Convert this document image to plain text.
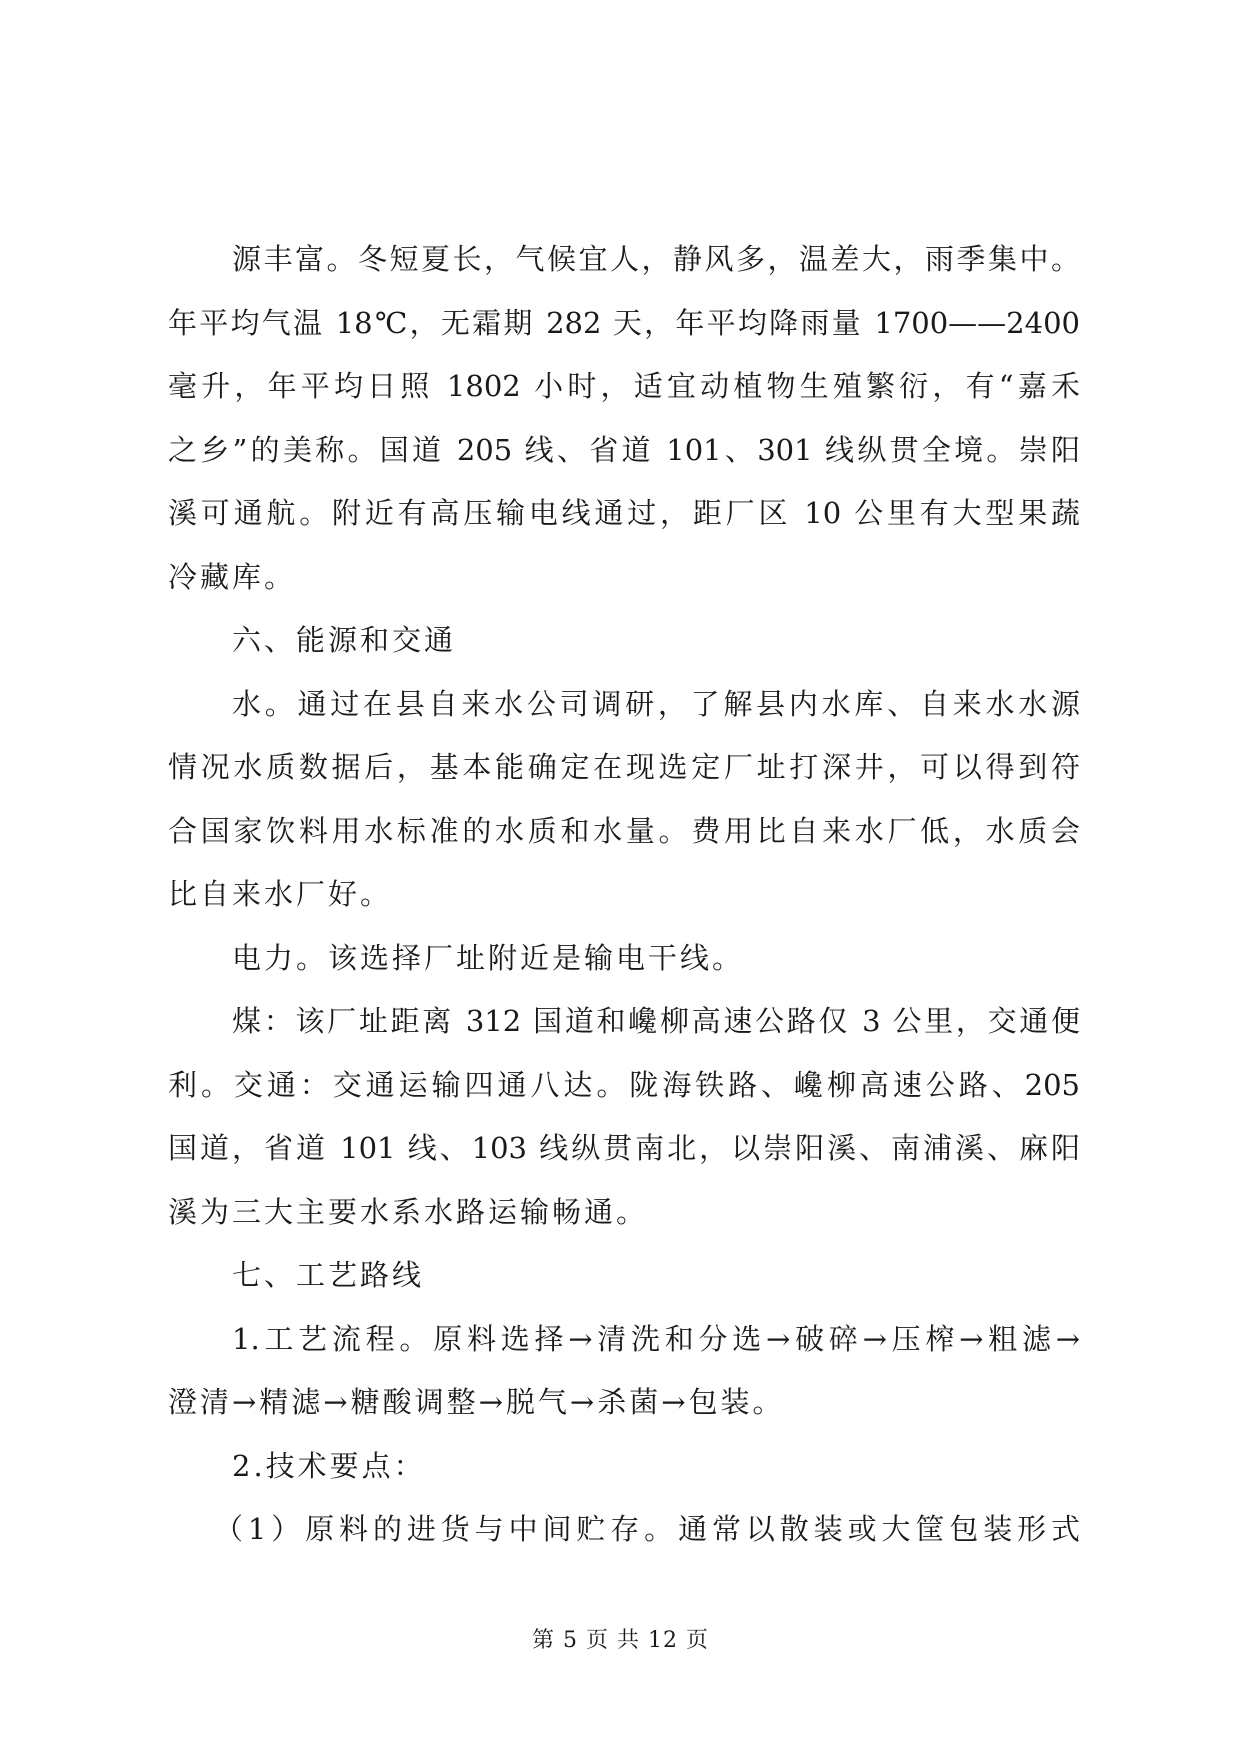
源丰富。冬短夏长，气候宜人，静风多，温差大，雨季集中。
年平均气温 18℃，无霜期 282 天，年平均降雨量 1700——2400
毫升，年平均日照 1802 小时，适宜动植物生殖繁衍，有“嘉禾
之乡”的美称。国道 205 线、省道 101、301 线纵贯全境。崇阳
溪可通航。附近有高压输电线通过，距厂区 10 公里有大型果蔬
冷藏库。
六、能源和交通
水。通过在县自来水公司调研，了解县内水库、自来水水源
情况水质数据后，基本能确定在现选定厂址打深井，可以得到符
合国家饮料用水标准的水质和水量。费用比自来水厂低，水质会
比自来水厂好。
电力。该选择厂址附近是输电干线。
煤：该厂址距离 312 国道和巉柳高速公路仅 3 公里，交通便
利。交通：交通运输四通八达。陇海铁路、巉柳高速公路、205
国道，省道 101 线、103 线纵贯南北，以崇阳溪、南浦溪、麻阳
溪为三大主要水系水路运输畅通。
七、工艺路线
1.工艺流程。原料选择→清洗和分选→破碎→压榨→粗滤→
澄清→精滤→糖酸调整→脱气→杀菌→包装。
2.技术要点：
（1）原料的进货与中间贮存。通常以散装或大筐包装形式
第 5 页 共 12 页
